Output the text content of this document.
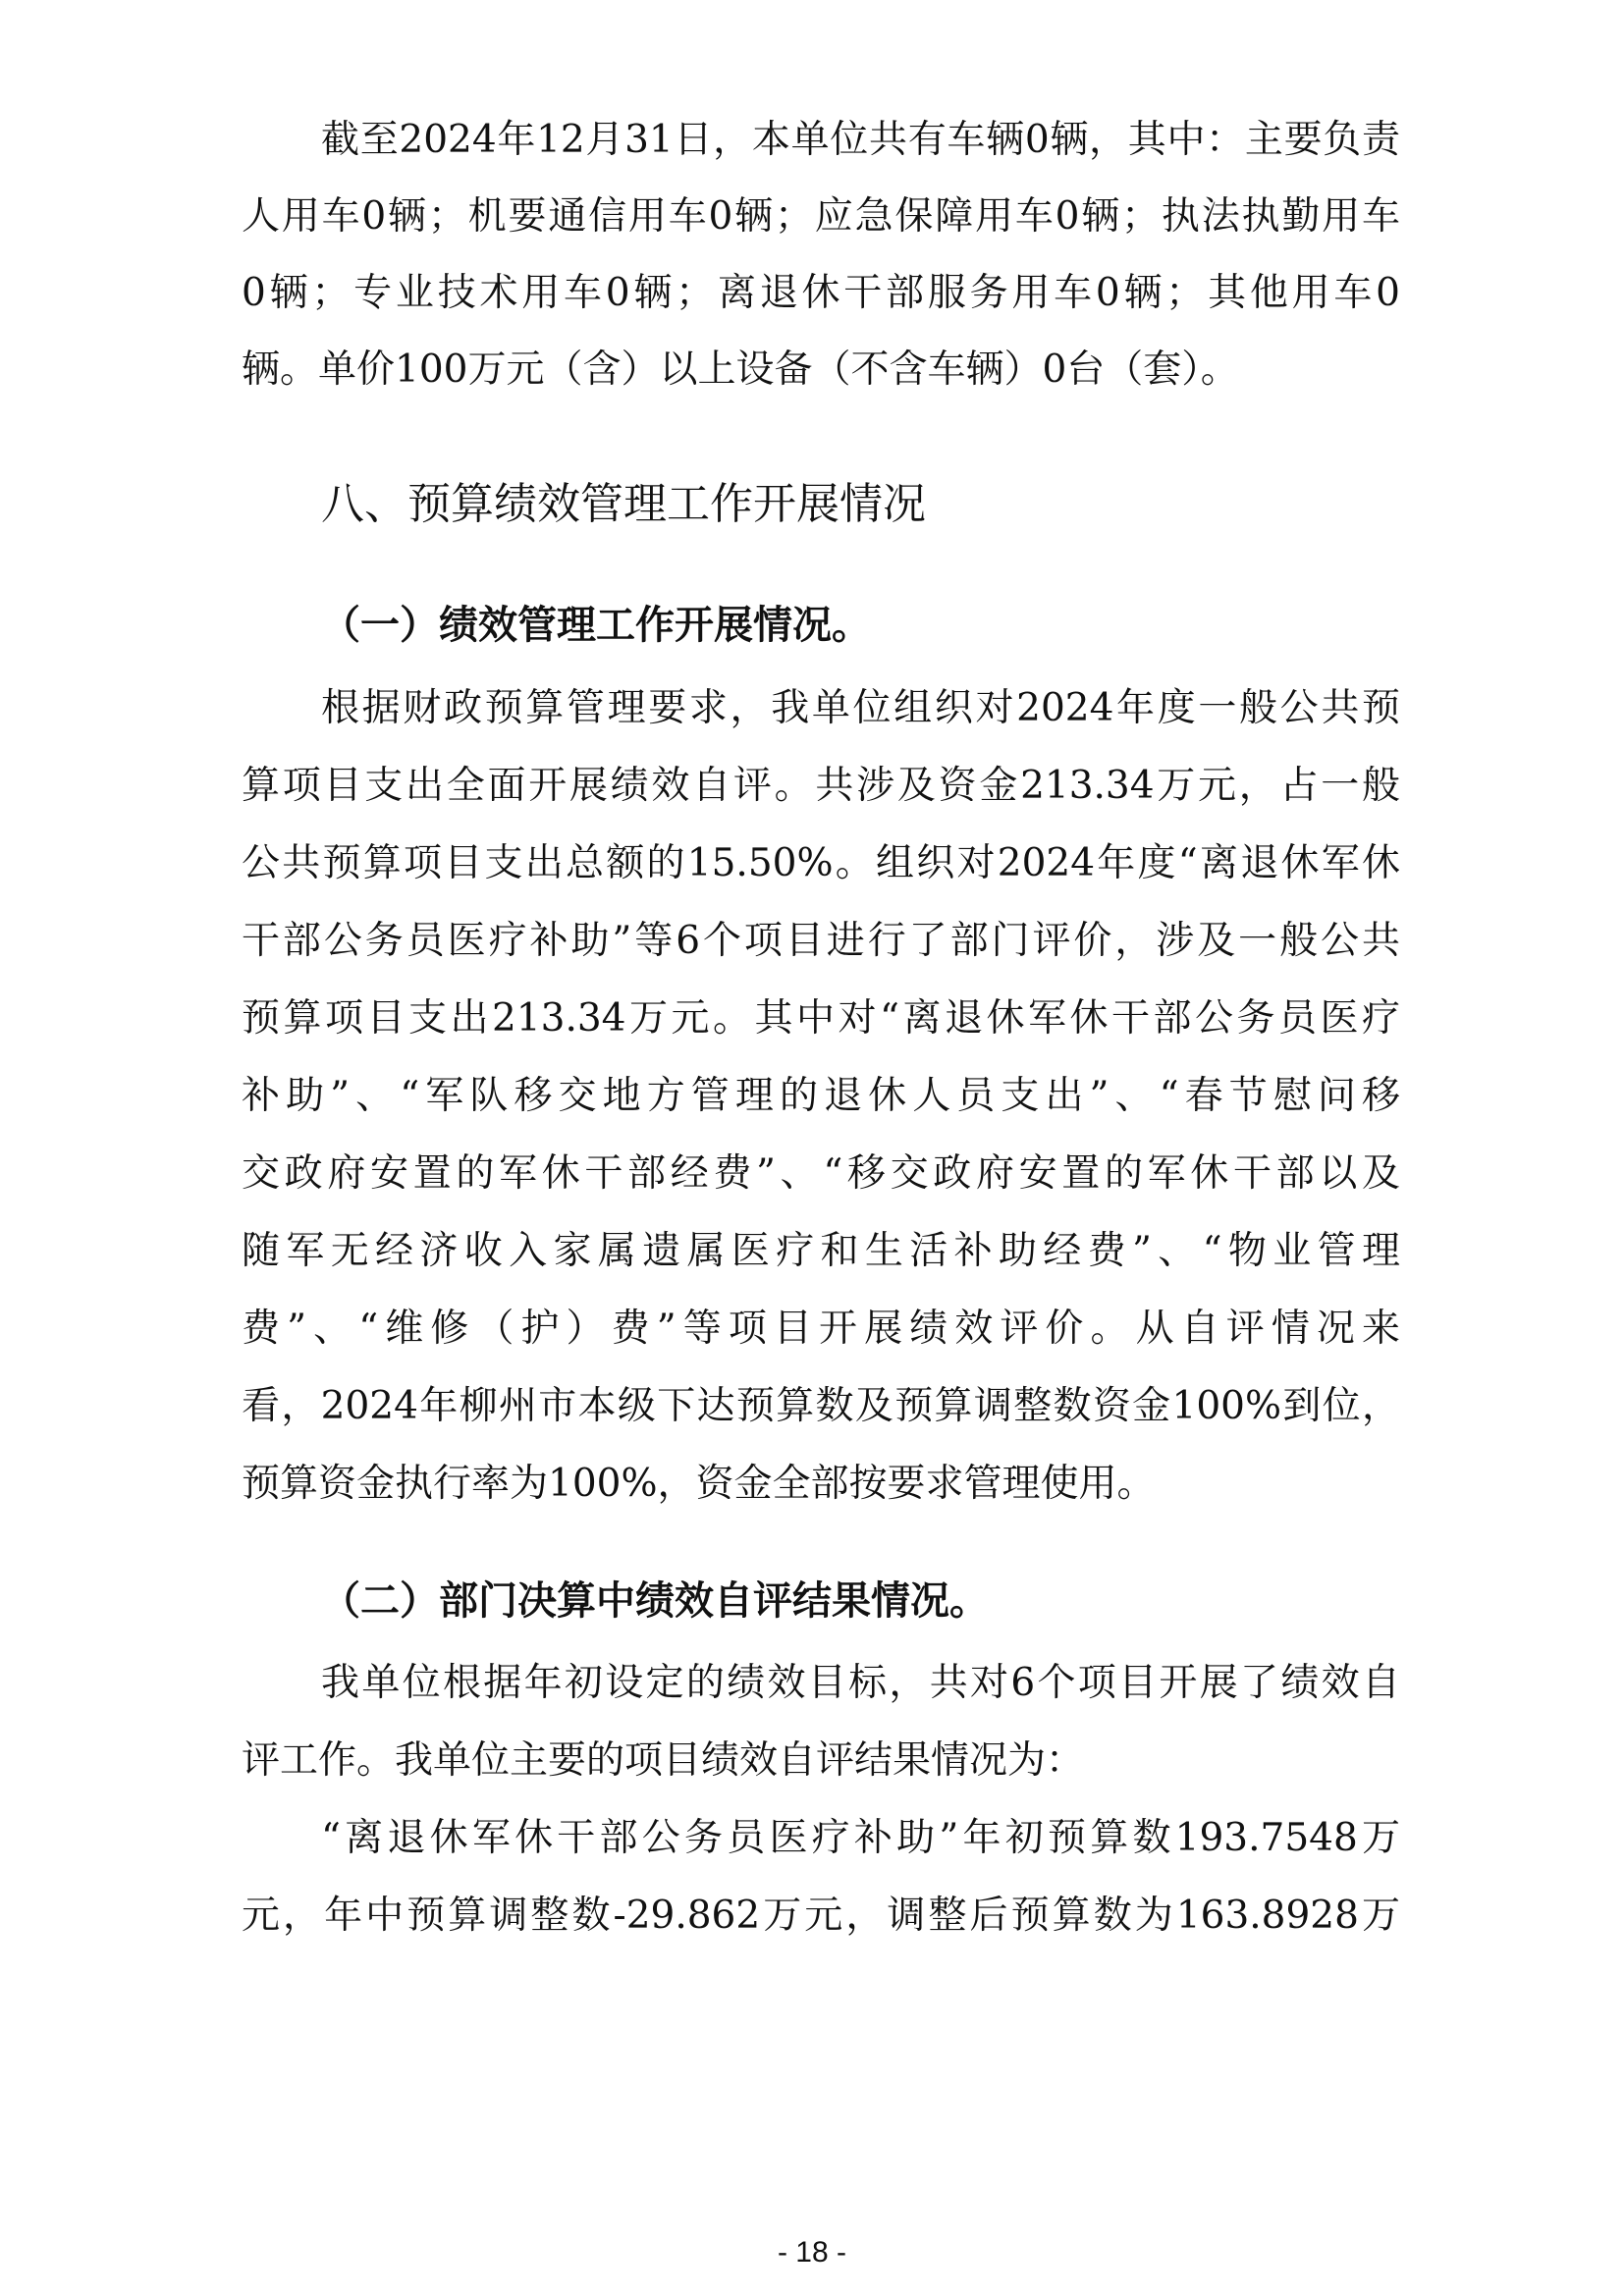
截至2024年12月31日，本单位共有车辆0辆，其中：主要负责
人用车0辆；机要通信用车0辆；应急保障用车0辆；执法执勤用车
0辆；专业技术用车0辆；离退休干部服务用车0辆；其他用车0
辆。单价100万元（含）以上设备（不含车辆）0台（套）。
八、预算绩效管理工作开展情况
（一）绩效管理工作开展情况。
根据财政预算管理要求，我单位组织对2024年度一般公共预
算项目支出全面开展绩效自评。共涉及资金213.34万元，占一般
公共预算项目支出总额的15.50%。组织对2024年度“离退休军休
干部公务员医疗补助”等6个项目进行了部门评价，涉及一般公共
预算项目支出213.34万元。其中对“离退休军休干部公务员医疗
补助”、“军队移交地方管理的退休人员支出”、“春节慰问移
交政府安置的军休干部经费”、“移交政府安置的军休干部以及
随军无经济收入家属遗属医疗和生活补助经费”、“物业管理
费”、“维修（护）费”等项目开展绩效评价。从自评情况来
看，2024年柳州市本级下达预算数及预算调整数资金100%到位，
预算资金执行率为100%，资金全部按要求管理使用。
（二）部门决算中绩效自评结果情况。
我单位根据年初设定的绩效目标，共对6个项目开展了绩效自
评工作。我单位主要的项目绩效自评结果情况为：
“离退休军休干部公务员医疗补助”年初预算数193.7548万
元，年中预算调整数-29.862万元，调整后预算数为163.8928万
- 18 -
